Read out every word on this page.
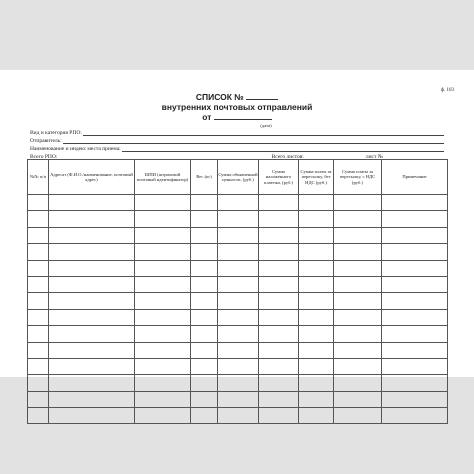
ф. 103
СПИСОК №
внутренних почтовых отправлений
от
(дата)
Вид и категория РПО:
Отправитель:
Наименование и индекс места приема:
Всего РПО:	Всего листов:	лист №
№№ п/п	Адресат (Ф.И.О./наименование, почтовый адрес)	ШПИ (штриховой почтовый идентификатор)	Вес (кг)	Сумма объявленной ценности, (руб.)	Сумма наложенного платежа, (руб.)	Сумма платы за пересылку, без НДС (руб.)	Сумма платы за пересылку, с НДС (руб.)	Примечание
